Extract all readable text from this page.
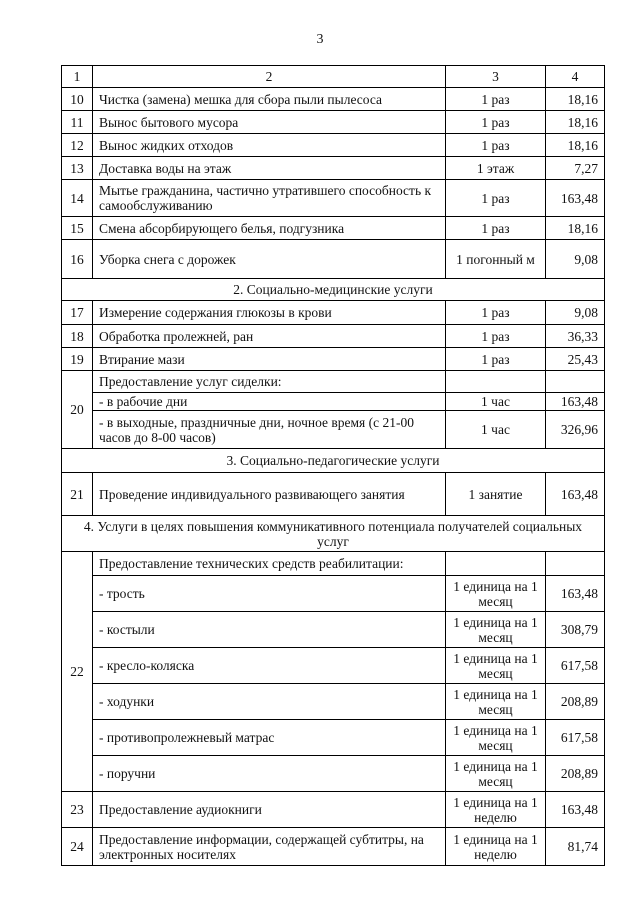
3
1	2	3	4
10	Чистка (замена) мешка для сбора пыли пылесоса	1 раз	18,16
11	Вынос бытового мусора	1 раз	18,16
12	Вынос жидких отходов	1 раз	18,16
13	Доставка воды на этаж	1 этаж	7,27
14	Мытье гражданина, частично утратившего способность к самообслуживанию	1 раз	163,48
15	Смена абсорбирующего белья, подгузника	1 раз	18,16
16	Уборка снега с дорожек	1 погонный м	9,08
2. Социально-медицинские услуги			
17	Измерение содержания глюкозы в крови	1 раз	9,08
18	Обработка пролежней, ран	1 раз	36,33
19	Втирание мази	1 раз	25,43
20	Предоставление услуг сиделки:		
	- в рабочие дни	1 час	163,48
	- в выходные, праздничные дни, ночное время (с 21-00 часов до 8-00 часов)	1 час	326,96
3. Социально-педагогические услуги			
21	Проведение индивидуального развивающего занятия	1 занятие	163,48
4. Услуги в целях повышения коммуникативного потенциала получателей социальных услуг			
22	Предоставление технических средств реабилитации:		
	- трость	1 единица на 1 месяц	163,48
	- костыли	1 единица на 1 месяц	308,79
	- кресло-коляска	1 единица на 1 месяц	617,58
	- ходунки	1 единица на 1 месяц	208,89
	- противопролежневый матрас	1 единица на 1 месяц	617,58
	- поручни	1 единица на 1 месяц	208,89
23	Предоставление аудиокниги	1 единица на 1 неделю	163,48
24	Предоставление информации, содержащей субтитры, на электронных носителях	1 единица на 1 неделю	81,74
